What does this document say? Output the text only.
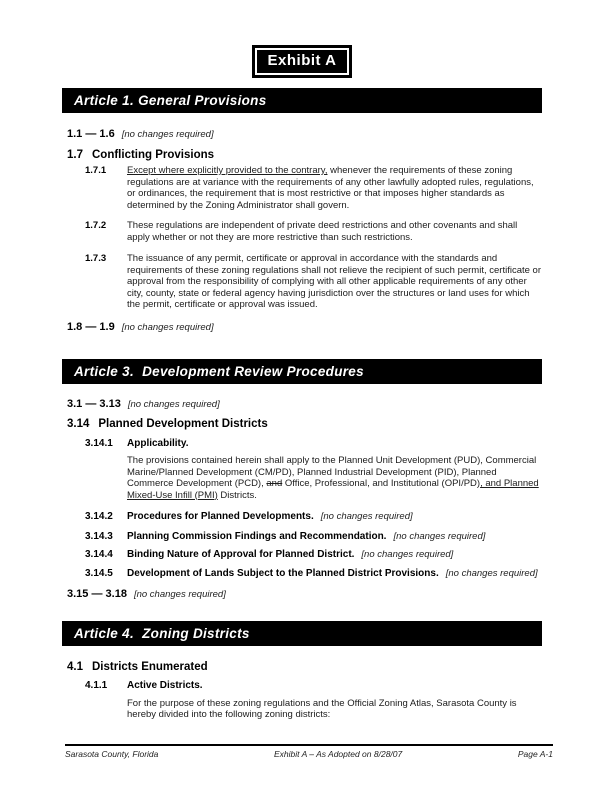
Exhibit A
Article 1. General Provisions
1.1 — 1.6 [no changes required]
1.7 Conflicting Provisions
1.7.1 Except where explicitly provided to the contrary, whenever the requirements of these zoning regulations are at variance with the requirements of any other lawfully adopted rules, regulations, or ordinances, the requirement that is most restrictive or that imposes higher standards as determined by the Zoning Administrator shall govern.
1.7.2 These regulations are independent of private deed restrictions and other covenants and shall apply whether or not they are more restrictive than such restrictions.
1.7.3 The issuance of any permit, certificate or approval in accordance with the standards and requirements of these zoning regulations shall not relieve the recipient of such permit, certificate or approval from the responsibility of complying with all other applicable requirements of any other city, county, state or federal agency having jurisdiction over the structures or land uses for which the permit, certificate or approval was issued.
1.8 — 1.9 [no changes required]
Article 3.  Development Review Procedures
3.1 — 3.13 [no changes required]
3.14 Planned Development Districts
3.14.1 Applicability.
The provisions contained herein shall apply to the Planned Unit Development (PUD), Commercial Marine/Planned Development (CM/PD), Planned Industrial Development (PID), Planned Commerce Development (PCD), and Office, Professional, and Institutional (OPI/PD), and Planned Mixed-Use Infill (PMI) Districts.
3.14.2 Procedures for Planned Developments. [no changes required]
3.14.3 Planning Commission Findings and Recommendation. [no changes required]
3.14.4 Binding Nature of Approval for Planned District. [no changes required]
3.14.5 Development of Lands Subject to the Planned District Provisions. [no changes required]
3.15 — 3.18 [no changes required]
Article 4.  Zoning Districts
4.1 Districts Enumerated
4.1.1 Active Districts.
For the purpose of these zoning regulations and the Official Zoning Atlas, Sarasota County is hereby divided into the following zoning districts:
Sarasota County, Florida	Exhibit A – As Adopted on 8/28/07	Page A-1
